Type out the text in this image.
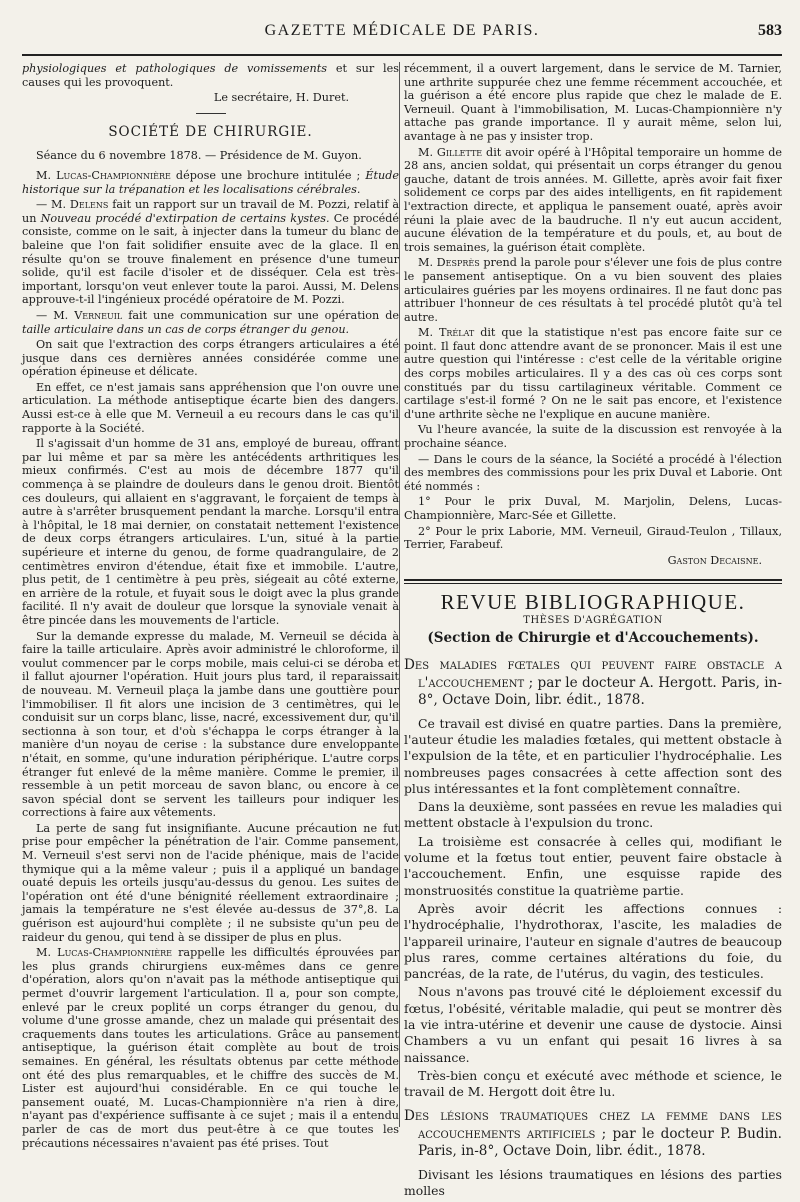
GAZETTE MÉDICALE DE PARIS.	583

physiologiques et pathologiques de vomissements et sur les causes qui les provoquent.

Le secrétaire, H. Duret.

SOCIÉTÉ DE CHIRURGIE.

Séance du 6 novembre 1878. — Présidence de M. Guyon.

M. Lucas-Championnière dépose une brochure intitulée ; Étude historique sur la trépanation et les localisations cérébrales.

— M. Delens fait un rapport sur un travail de M. Pozzi, relatif à un Nouveau procédé d'extirpation de certains kystes. Ce procédé consiste, comme on le sait, à injecter dans la tumeur du blanc de baleine que l'on fait solidifier ensuite avec de la glace. Il en résulte qu'on se trouve finalement en présence d'une tumeur solide, qu'il est facile d'isoler et de disséquer. Cela est très-important, lorsqu'on veut enlever toute la paroi. Aussi, M. Delens approuve-t-il l'ingénieux procédé opératoire de M. Pozzi.

— M. Verneuil fait une communication sur une opération de taille articulaire dans un cas de corps étranger du genou.

On sait que l'extraction des corps étrangers articulaires a été jusque dans ces dernières années considérée comme une opération épineuse et délicate.

En effet, ce n'est jamais sans appréhension que l'on ouvre une articulation. La méthode antiseptique écarte bien des dangers. Aussi est-ce à elle que M. Verneuil a eu recours dans le cas qu'il rapporte à la Société.

Il s'agissait d'un homme de 31 ans, employé de bureau, offrant par lui même et par sa mère les antécédents arthritiques les mieux confirmés. C'est au mois de décembre 1877 qu'il commença à se plaindre de douleurs dans le genou droit. Bientôt ces douleurs, qui allaient en s'aggravant, le forçaient de temps à autre à s'arrêter brusquement pendant la marche. Lorsqu'il entra à l'hôpital, le 18 mai dernier, on constatait nettement l'existence de deux corps étrangers articulaires. L'un, situé à la partie supérieure et interne du genou, de forme quadrangulaire, de 2 centimètres environ d'étendue, était fixe et immobile. L'autre, plus petit, de 1 centimètre à peu près, siégeait au côté externe, en arrière de la rotule, et fuyait sous le doigt avec la plus grande facilité. Il n'y avait de douleur que lorsque la synoviale venait à être pincée dans les mouvements de l'article.

Sur la demande expresse du malade, M. Verneuil se décida à faire la taille articulaire. Après avoir administré le chloroforme, il voulut commencer par le corps mobile, mais celui-ci se déroba et il fallut ajourner l'opération. Huit jours plus tard, il reparaissait de nouveau. M. Verneuil plaça la jambe dans une gouttière pour l'immobiliser. Il fit alors une incision de 3 centimètres, qui le conduisit sur un corps blanc, lisse, nacré, excessivement dur, qu'il sectionna à son tour, et d'où s'échappa le corps étranger à la manière d'un noyau de cerise : la substance dure enveloppante n'était, en somme, qu'une induration périphérique. L'autre corps étranger fut enlevé de la même manière. Comme le premier, il ressemble à un petit morceau de savon blanc, ou encore à ce savon spécial dont se servent les tailleurs pour indiquer les corrections à faire aux vêtements.

La perte de sang fut insignifiante. Aucune précaution ne fut prise pour empêcher la pénétration de l'air. Comme pansement, M. Verneuil s'est servi non de l'acide phénique, mais de l'acide thymique qui a la même valeur ; puis il a appliqué un bandage ouaté depuis les orteils jusqu'au-dessus du genou. Les suites de l'opération ont été d'une bénignité réellement extraordinaire ; jamais la température ne s'est élevée au-dessus de 37°,8. La guérison est aujourd'hui complète ; il ne subsiste qu'un peu de raideur du genou, qui tend à se dissiper de plus en plus.

M. Lucas-Championnière rappelle les difficultés éprouvées par les plus grands chirurgiens eux-mêmes dans ce genre d'opération, alors qu'on n'avait pas la méthode antiseptique qui permet d'ouvrir largement l'articulation. Il a, pour son compte, enlevé par le creux poplité un corps étranger du genou, du volume d'une grosse amande, chez un malade qui présentait des craquements dans toutes les articulations. Grâce au pansement antiseptique, la guérison était complète au bout de trois semaines. En général, les résultats obtenus par cette méthode ont été des plus remarquables, et le chiffre des succès de M. Lister est aujourd'hui considérable. En ce qui touche le pansement ouaté, M. Lucas-Championnière n'a rien à dire, n'ayant pas d'expérience suffisante à ce sujet ; mais il a entendu parler de cas de mort dus peut-être à ce que toutes les précautions nécessaires n'avaient pas été prises. Tout

récemment, il a ouvert largement, dans le service de M. Tarnier, une arthrite suppurée chez une femme récemment accouchée, et la guérison a été encore plus rapide que chez le malade de E. Verneuil. Quant à l'immobilisation, M. Lucas-Championnière n'y attache pas grande importance. Il y aurait même, selon lui, avantage à ne pas y insister trop.

M. Gillette dit avoir opéré à l'Hôpital temporaire un homme de 28 ans, ancien soldat, qui présentait un corps étranger du genou gauche, datant de trois années. M. Gillette, après avoir fait fixer solidement ce corps par des aides intelligents, en fit rapidement l'extraction directe, et appliqua le pansement ouaté, après avoir réuni la plaie avec de la baudruche. Il n'y eut aucun accident, aucune élévation de la température et du pouls, et, au bout de trois semaines, la guérison était complète.

M. Desprès prend la parole pour s'élever une fois de plus contre le pansement antiseptique. On a vu bien souvent des plaies articulaires guéries par les moyens ordinaires. Il ne faut donc pas attribuer l'honneur de ces résultats à tel procédé plutôt qu'à tel autre.

M. Trélat dit que la statistique n'est pas encore faite sur ce point. Il faut donc attendre avant de se prononcer. Mais il est une autre question qui l'intéresse : c'est celle de la véritable origine des corps mobiles articulaires. Il y a des cas où ces corps sont constitués par du tissu cartilagineux véritable. Comment ce cartilage s'est-il formé ? On ne le sait pas encore, et l'existence d'une arthrite sèche ne l'explique en aucune manière.

Vu l'heure avancée, la suite de la discussion est renvoyée à la prochaine séance.

— Dans le cours de la séance, la Société a procédé à l'élection des membres des commissions pour les prix Duval et Laborie. Ont été nommés :

1° Pour le prix Duval, M. Marjolin, Delens, Lucas-Championnière, Marc-Sée et Gillette.

2° Pour le prix Laborie, MM. Verneuil, Giraud-Teulon , Tillaux, Terrier, Farabeuf.

Gaston Decaisne.

REVUE BIBLIOGRAPHIQUE.
THÈSES D'AGRÉGATION
(Section de Chirurgie et d'Accouchements).
Des maladies fœtales qui peuvent faire obstacle a l'accouchement ; par le docteur A. Hergott. Paris, in-8°, Octave Doin, libr. édit., 1878.

Ce travail est divisé en quatre parties. Dans la première, l'auteur étudie les maladies fœtales, qui mettent obstacle à l'expulsion de la tête, et en particulier l'hydrocéphalie. Les nombreuses pages consacrées à cette affection sont des plus intéressantes et la font complètement connaître.

Dans la deuxième, sont passées en revue les maladies qui mettent obstacle à l'expulsion du tronc.

La troisième est consacrée à celles qui, modifiant le volume et la fœtus tout entier, peuvent faire obstacle à l'accouchement. Enfin, une esquisse rapide des monstruosités constitue la quatrième partie.

Après avoir décrit les affections connues : l'hydrocéphalie, l'hydrothorax, l'ascite, les maladies de l'appareil urinaire, l'auteur en signale d'autres de beaucoup plus rares, comme certaines altérations du foie, du pancréas, de la rate, de l'utérus, du vagin, des testicules.

Nous n'avons pas trouvé cité le déploiement excessif du fœtus, l'obésité, véritable maladie, qui peut se montrer dès la vie intra-utérine et devenir une cause de dystocie. Ainsi Chambers a vu un enfant qui pesait 16 livres à sa naissance.

Très-bien conçu et exécuté avec méthode et science, le travail de M. Hergott doit être lu.

Des lésions traumatiques chez la femme dans les accouchements artificiels ; par le docteur P. Budin. Paris, in-8°, Octave Doin, libr. édit., 1878.

Divisant les lésions traumatiques en lésions des parties molles
